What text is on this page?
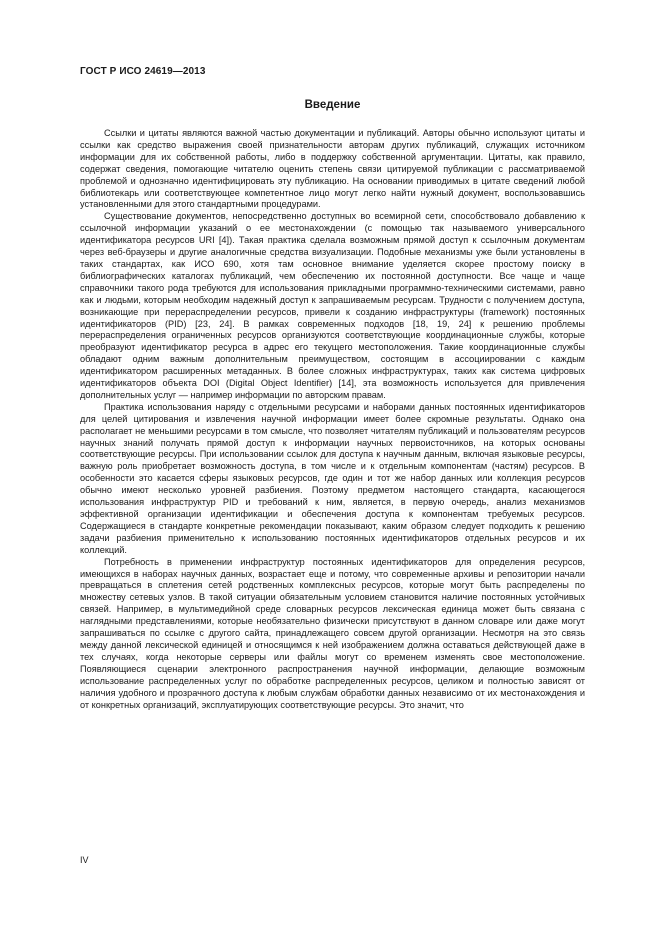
ГОСТ Р ИСО 24619—2013
Введение

Ссылки и цитаты являются важной частью документации и публикаций. Авторы обычно используют цитаты и ссылки как средство выражения своей признательности авторам других публикаций, служащих источником информации для их собственной работы, либо в поддержку собственной аргументации. Цитаты, как правило, содержат сведения, помогающие читателю оценить степень связи цитируемой публикации с рассматриваемой проблемой и однозначно идентифицировать эту публикацию. На основании приводимых в цитате сведений любой библиотекарь или соответствующее компетентное лицо могут легко найти нужный документ, воспользовавшись установленными для этого стандартными процедурами.

Существование документов, непосредственно доступных во всемирной сети, способствовало добавлению к ссылочной информации указаний о ее местонахождении (с помощью так называемого универсального идентификатора ресурсов URI [4]). Такая практика сделала возможным прямой доступ к ссылочным документам через веб-браузеры и другие аналогичные средства визуализации. Подобные механизмы уже были установлены в таких стандартах, как ИСО 690, хотя там основное внимание уделяется скорее простому поиску в библиографических каталогах публикаций, чем обеспечению их постоянной доступности. Все чаще и чаще справочники такого рода требуются для использования прикладными программно-техническими системами, равно как и людьми, которым необходим надежный доступ к запрашиваемым ресурсам. Трудности с получением доступа, возникающие при перераспределении ресурсов, привели к созданию инфраструктуры (framework) постоянных идентификаторов (PID) [23, 24]. В рамках современных подходов [18, 19, 24] к решению проблемы перераспределения ограниченных ресурсов организуются соответствующие координационные службы, которые преобразуют идентификатор ресурса в адрес его текущего местоположения. Такие координационные службы обладают одним важным дополнительным преимуществом, состоящим в ассоциировании с каждым идентификатором расширенных метаданных. В более сложных инфраструктурах, таких как система цифровых идентификаторов объекта DOI (Digital Object Identifier) [14], эта возможность используется для привлечения дополнительных услуг — например информации по авторским правам.

Практика использования наряду с отдельными ресурсами и наборами данных постоянных идентификаторов для целей цитирования и извлечения научной информации имеет более скромные результаты. Однако она располагает не меньшими ресурсами в том смысле, что позволяет читателям публикаций и пользователям ресурсов научных знаний получать прямой доступ к информации научных первоисточников, на которых основаны соответствующие ресурсы. При использовании ссылок для доступа к научным данным, включая языковые ресурсы, важную роль приобретает возможность доступа, в том числе и к отдельным компонентам (частям) ресурсов. В особенности это касается сферы языковых ресурсов, где один и тот же набор данных или коллекция ресурсов обычно имеют несколько уровней разбиения. Поэтому предметом настоящего стандарта, касающегося использования инфраструктур PID и требований к ним, является, в первую очередь, анализ механизмов эффективной организации идентификации и обеспечения доступа к компонентам требуемых ресурсов. Содержащиеся в стандарте конкретные рекомендации показывают, каким образом следует подходить к решению задачи разбиения применительно к использованию постоянных идентификаторов отдельных ресурсов и их коллекций.

Потребность в применении инфраструктур постоянных идентификаторов для определения ресурсов, имеющихся в наборах научных данных, возрастает еще и потому, что современные архивы и репозитории начали превращаться в сплетения сетей родственных комплексных ресурсов, которые могут быть распределены по множеству сетевых узлов. В такой ситуации обязательным условием становится наличие постоянных устойчивых связей. Например, в мультимедийной среде словарных ресурсов лексическая единица может быть связана с наглядными представлениями, которые необязательно физически присутствуют в данном словаре или даже могут запрашиваться по ссылке с другого сайта, принадлежащего совсем другой организации. Несмотря на это связь между данной лексической единицей и относящимся к ней изображением должна оставаться действующей даже в тех случаях, когда некоторые серверы или файлы могут со временем изменять свое местоположение. Появляющиеся сценарии электронного распространения научной информации, делающие возможным использование распределенных услуг по обработке распределенных ресурсов, целиком и полностью зависят от наличия удобного и прозрачного доступа к любым службам обработки данных независимо от их местонахождения и от конкретных организаций, эксплуатирующих соответствующие ресурсы. Это значит, что

IV
